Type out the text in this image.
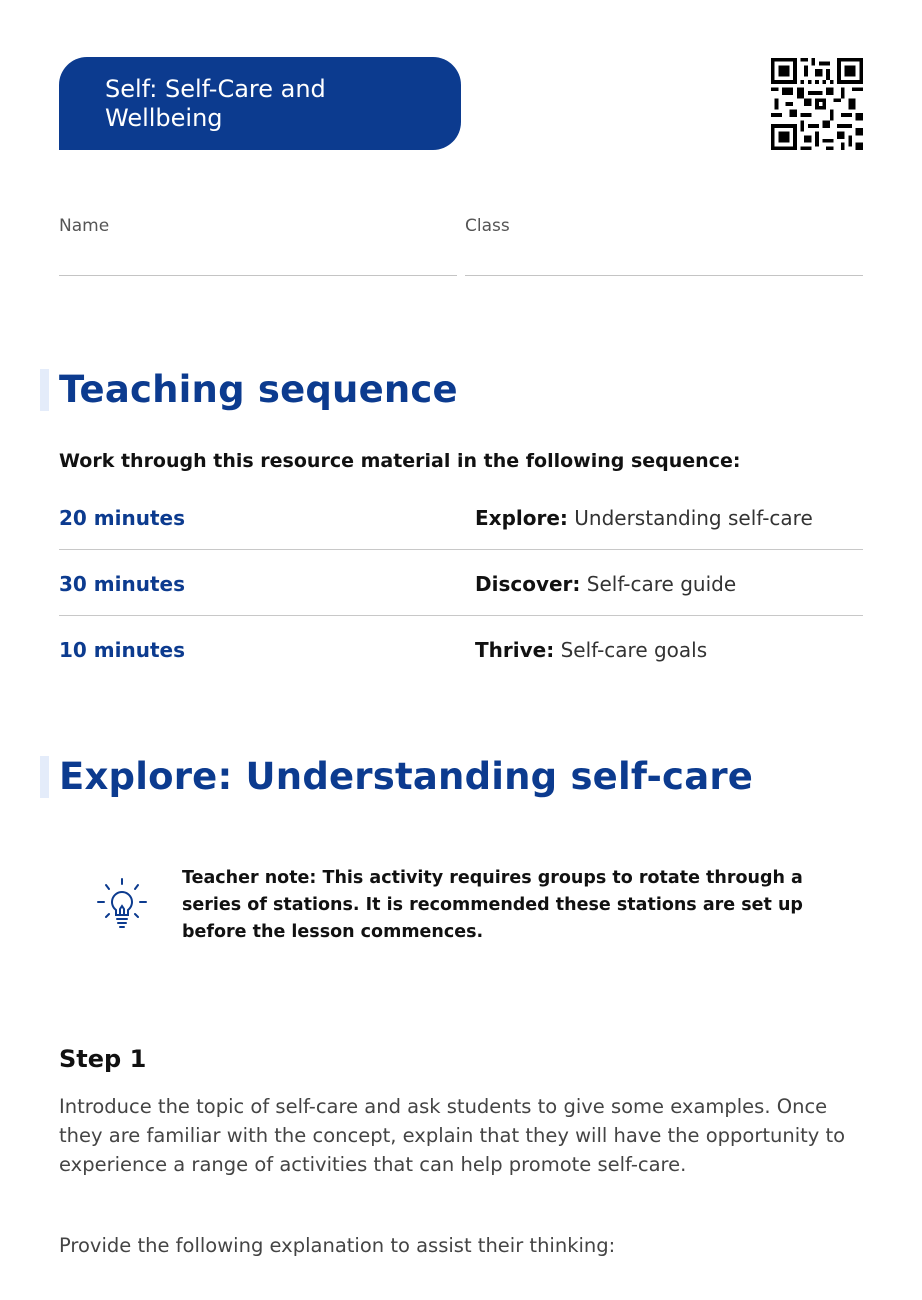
Self: Self-Care and Wellbeing
Name	Class
Teaching sequence
Work through this resource material in the following sequence:
20 minutes	Explore: Understanding self-care
30 minutes	Discover: Self-care guide
10 minutes	Thrive: Self-care goals
Explore: Understanding self-care
Teacher note: This activity requires groups to rotate through a series of stations. It is recommended these stations are set up before the lesson commences.
Step 1
Introduce the topic of self-care and ask students to give some examples. Once they are familiar with the concept, explain that they will have the opportunity to experience a range of activities that can help promote self-care.
Provide the following explanation to assist their thinking:
